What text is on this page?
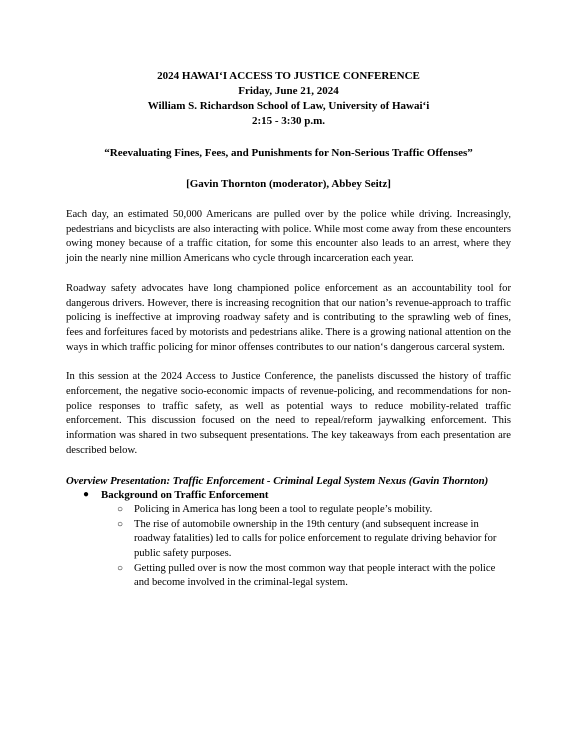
2024 HAWAIʻI ACCESS TO JUSTICE CONFERENCE
Friday, June 21, 2024
William S. Richardson School of Law, University of Hawaiʻi
2:15 - 3:30 p.m.
“Reevaluating Fines, Fees, and Punishments for Non-Serious Traffic Offenses”
[Gavin Thornton (moderator), Abbey Seitz]

Each day, an estimated 50,000 Americans are pulled over by the police while driving. Increasingly, pedestrians and bicyclists are also interacting with police. While most come away from these encounters owing money because of a traffic citation, for some this encounter also leads to an arrest, where they join the nearly nine million Americans who cycle through incarceration each year.

Roadway safety advocates have long championed police enforcement as an accountability tool for dangerous drivers. However, there is increasing recognition that our nation’s revenue-approach to traffic policing is ineffective at improving roadway safety and is contributing to the sprawling web of fines, fees and forfeitures faced by motorists and pedestrians alike. There is a growing national attention on the ways in which traffic policing for minor offenses contributes to our nation‘s dangerous carceral system.

In this session at the 2024 Access to Justice Conference, the panelists discussed the history of traffic enforcement, the negative socio-economic impacts of revenue-policing, and recommendations for non-police responses to traffic safety, as well as potential ways to reduce mobility-related traffic enforcement. This discussion focused on the need to repeal/reform jaywalking enforcement. This information was shared in two subsequent presentations. The key takeaways from each presentation are described below.

Overview Presentation: Traffic Enforcement - Criminal Legal System Nexus (Gavin Thornton)
● Background on Traffic Enforcement
○ Policing in America has long been a tool to regulate people’s mobility.
○ The rise of automobile ownership in the 19th century (and subsequent increase in roadway fatalities) led to calls for police enforcement to regulate driving behavior for public safety purposes.
○ Getting pulled over is now the most common way that people interact with the police and become involved in the criminal-legal system.
